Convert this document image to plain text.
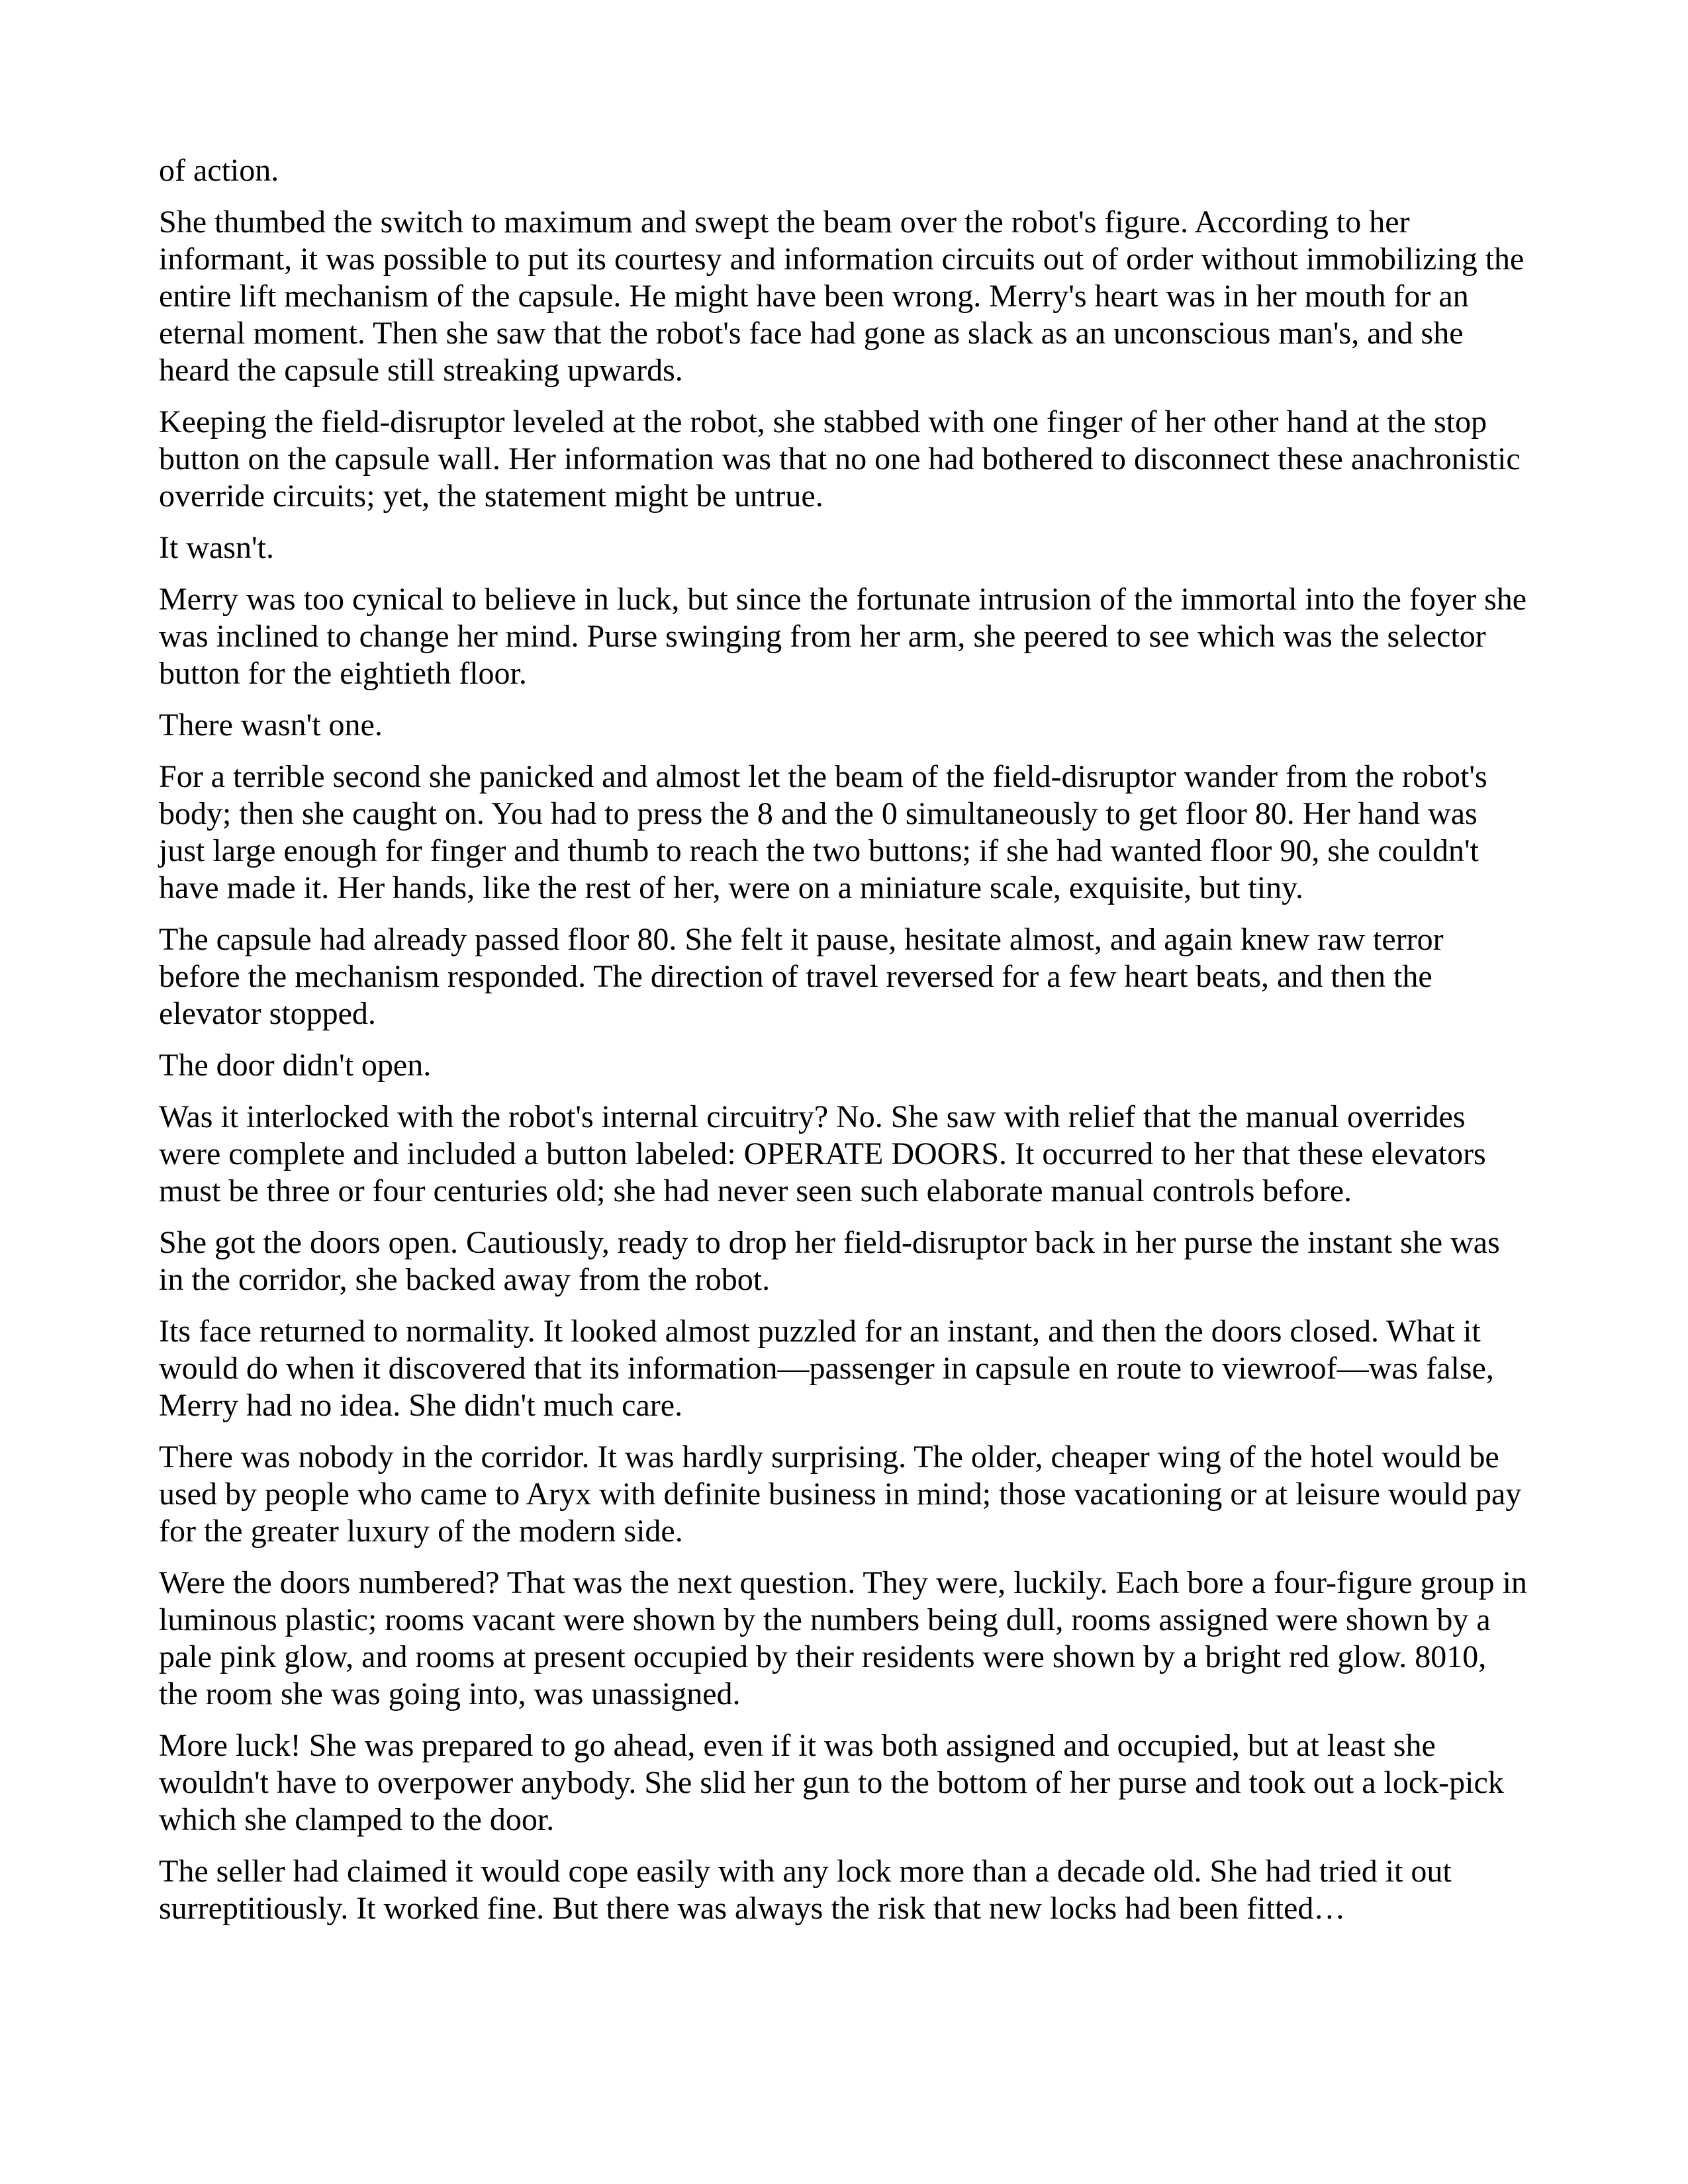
of action.

She thumbed the switch to maximum and swept the beam over the robot's figure. According to her informant, it was possible to put its courtesy and information circuits out of order without immobilizing the entire lift mechanism of the capsule. He might have been wrong. Merry's heart was in her mouth for an eternal moment. Then she saw that the robot's face had gone as slack as an unconscious man's, and she heard the capsule still streaking upwards.

Keeping the field-disruptor leveled at the robot, she stabbed with one finger of her other hand at the stop button on the capsule wall. Her information was that no one had bothered to disconnect these anachronistic override circuits; yet, the statement might be untrue.

It wasn't.

Merry was too cynical to believe in luck, but since the fortunate intrusion of the immortal into the foyer she was inclined to change her mind. Purse swinging from her arm, she peered to see which was the selector button for the eightieth floor.

There wasn't one.

For a terrible second she panicked and almost let the beam of the field-disruptor wander from the robot's body; then she caught on. You had to press the 8 and the 0 simultaneously to get floor 80. Her hand was just large enough for finger and thumb to reach the two buttons; if she had wanted floor 90, she couldn't have made it. Her hands, like the rest of her, were on a miniature scale, exquisite, but tiny.

The capsule had already passed floor 80. She felt it pause, hesitate almost, and again knew raw terror before the mechanism responded. The direction of travel reversed for a few heart beats, and then the elevator stopped.

The door didn't open.

Was it interlocked with the robot's internal circuitry? No. She saw with relief that the manual overrides were complete and included a button labeled: OPERATE DOORS. It occurred to her that these elevators must be three or four centuries old; she had never seen such elaborate manual controls before.

She got the doors open. Cautiously, ready to drop her field-disruptor back in her purse the instant she was in the corridor, she backed away from the robot.

Its face returned to normality. It looked almost puzzled for an instant, and then the doors closed. What it would do when it discovered that its information—passenger in capsule en route to viewroof—was false, Merry had no idea. She didn't much care.

There was nobody in the corridor. It was hardly surprising. The older, cheaper wing of the hotel would be used by people who came to Aryx with definite business in mind; those vacationing or at leisure would pay for the greater luxury of the modern side.

Were the doors numbered? That was the next question. They were, luckily. Each bore a four-figure group in luminous plastic; rooms vacant were shown by the numbers being dull, rooms assigned were shown by a pale pink glow, and rooms at present occupied by their residents were shown by a bright red glow. 8010, the room she was going into, was unassigned.

More luck! She was prepared to go ahead, even if it was both assigned and occupied, but at least she wouldn't have to overpower anybody. She slid her gun to the bottom of her purse and took out a lock-pick which she clamped to the door.

The seller had claimed it would cope easily with any lock more than a decade old. She had tried it out surreptitiously. It worked fine. But there was always the risk that new locks had been fitted…
